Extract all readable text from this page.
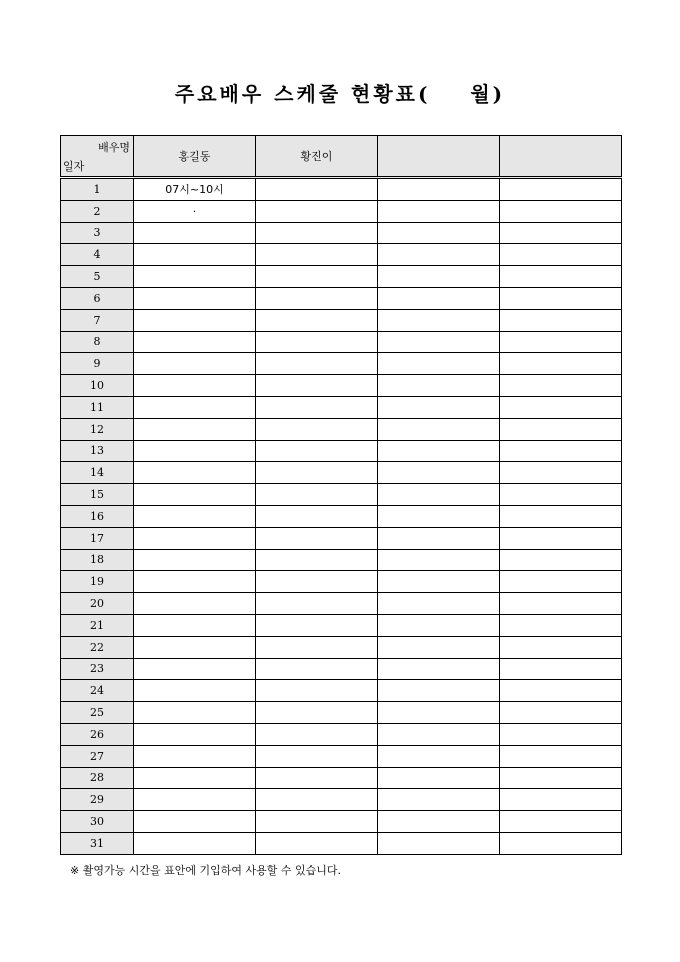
주요배우 스케줄 현황표(    월)
배우명
일자	홍길동	황진이		
1	07시~10시			
2	·			
3				
4				
5				
6				
7				
8				
9				
10				
11				
12				
13				
14				
15				
16				
17				
18				
19				
20				
21				
22				
23				
24				
25				
26				
27				
28				
29				
30				
31				
※ 촬영가능 시간을 표안에 기입하여 사용할 수 있습니다.
